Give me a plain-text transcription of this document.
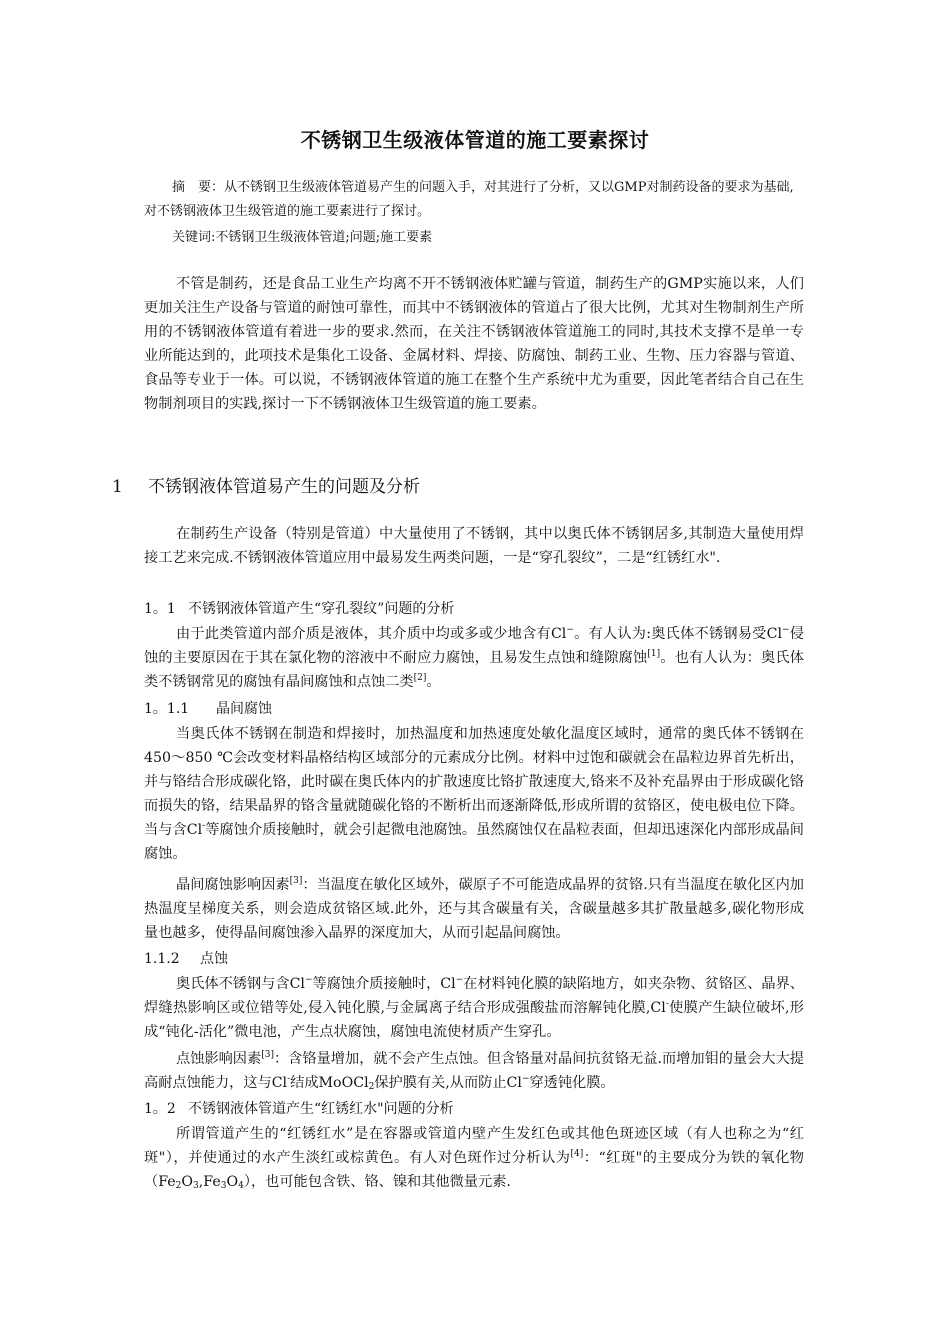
不锈钢卫生级液体管道的施工要素探讨
摘　要：从不锈钢卫生级液体管道易产生的问题入手，对其进行了分析，又以GMP对制药设备的要求为基础,对不锈钢液体卫生级管道的施工要素进行了探讨。
关键词:不锈钢卫生级液体管道;问题;施工要素

不管是制药，还是食品工业生产均离不开不锈钢液体贮罐与管道，制药生产的GMP实施以来，人们更加关注生产设备与管道的耐蚀可靠性，而其中不锈钢液体的管道占了很大比例，尤其对生物制剂生产所用的不锈钢液体管道有着进一步的要求.然而，在关注不锈钢液体管道施工的同时,其技术支撑不是单一专业所能达到的，此项技术是集化工设备、金属材料、焊接、防腐蚀、制药工业、生物、压力容器与管道、食品等专业于一体。可以说，不锈钢液体管道的施工在整个生产系统中尤为重要，因此笔者结合自己在生物制剂项目的实践,探讨一下不锈钢液体卫生级管道的施工要素。

1 不锈钢液体管道易产生的问题及分析

在制药生产设备（特别是管道）中大量使用了不锈钢，其中以奥氏体不锈钢居多,其制造大量使用焊接工艺来完成.不锈钢液体管道应用中最易发生两类问题，一是“穿孔裂纹”，二是“红锈红水".

1。1 不锈钢液体管道产生“穿孔裂纹”问题的分析

由于此类管道内部介质是液体，其介质中均或多或少地含有Cl−。有人认为:奥氏体不锈钢易受Cl−侵蚀的主要原因在于其在氯化物的溶液中不耐应力腐蚀，且易发生点蚀和缝隙腐蚀[1]。也有人认为：奥氏体类不锈钢常见的腐蚀有晶间腐蚀和点蚀二类[2]。

1。1.1 晶间腐蚀

当奥氏体不锈钢在制造和焊接时，加热温度和加热速度处敏化温度区域时，通常的奥氏体不锈钢在450～850 ℃会改变材料晶格结构区域部分的元素成分比例。材料中过饱和碳就会在晶粒边界首先析出，并与铬结合形成碳化铬，此时碳在奥氏体内的扩散速度比铬扩散速度大,铬来不及补充晶界由于形成碳化铬而损失的铬，结果晶界的铬含量就随碳化铬的不断析出而逐渐降低,形成所谓的贫铬区，使电极电位下降。当与含Cl-等腐蚀介质接触时，就会引起微电池腐蚀。虽然腐蚀仅在晶粒表面，但却迅速深化内部形成晶间腐蚀。

晶间腐蚀影响因素[3]：当温度在敏化区域外，碳原子不可能造成晶界的贫铬.只有当温度在敏化区内加热温度呈梯度关系，则会造成贫铬区域.此外，还与其含碳量有关，含碳量越多其扩散量越多,碳化物形成量也越多，使得晶间腐蚀渗入晶界的深度加大，从而引起晶间腐蚀。

1.1.2 点蚀

奥氏体不锈钢与含Cl−等腐蚀介质接触时，Cl−在材料钝化膜的缺陷地方，如夹杂物、贫铬区、晶界、焊缝热影响区或位错等处,侵入钝化膜,与金属离子结合形成强酸盐而溶解钝化膜,Cl-使膜产生缺位破坏,形成“钝化-活化”微电池，产生点状腐蚀，腐蚀电流使材质产生穿孔。

点蚀影响因素[3]：含铬量增加，就不会产生点蚀。但含铬量对晶间抗贫铬无益.而增加钼的量会大大提高耐点蚀能力，这与Cl-结成MoOCl$_2$保护膜有关,从而防止Cl−穿透钝化膜。

1。2 不锈钢液体管道产生“红锈红水"问题的分析

所谓管道产生的“红锈红水”是在容器或管道内壁产生发红色或其他色斑迹区域（有人也称之为“红斑"），并使通过的水产生淡红或棕黄色。有人对色斑作过分析认为[4]：“红斑"的主要成分为铁的氧化物$(Fe_2O_3,Fe_3O_4)$，也可能包含铁、铬、镍和其他微量元素.
